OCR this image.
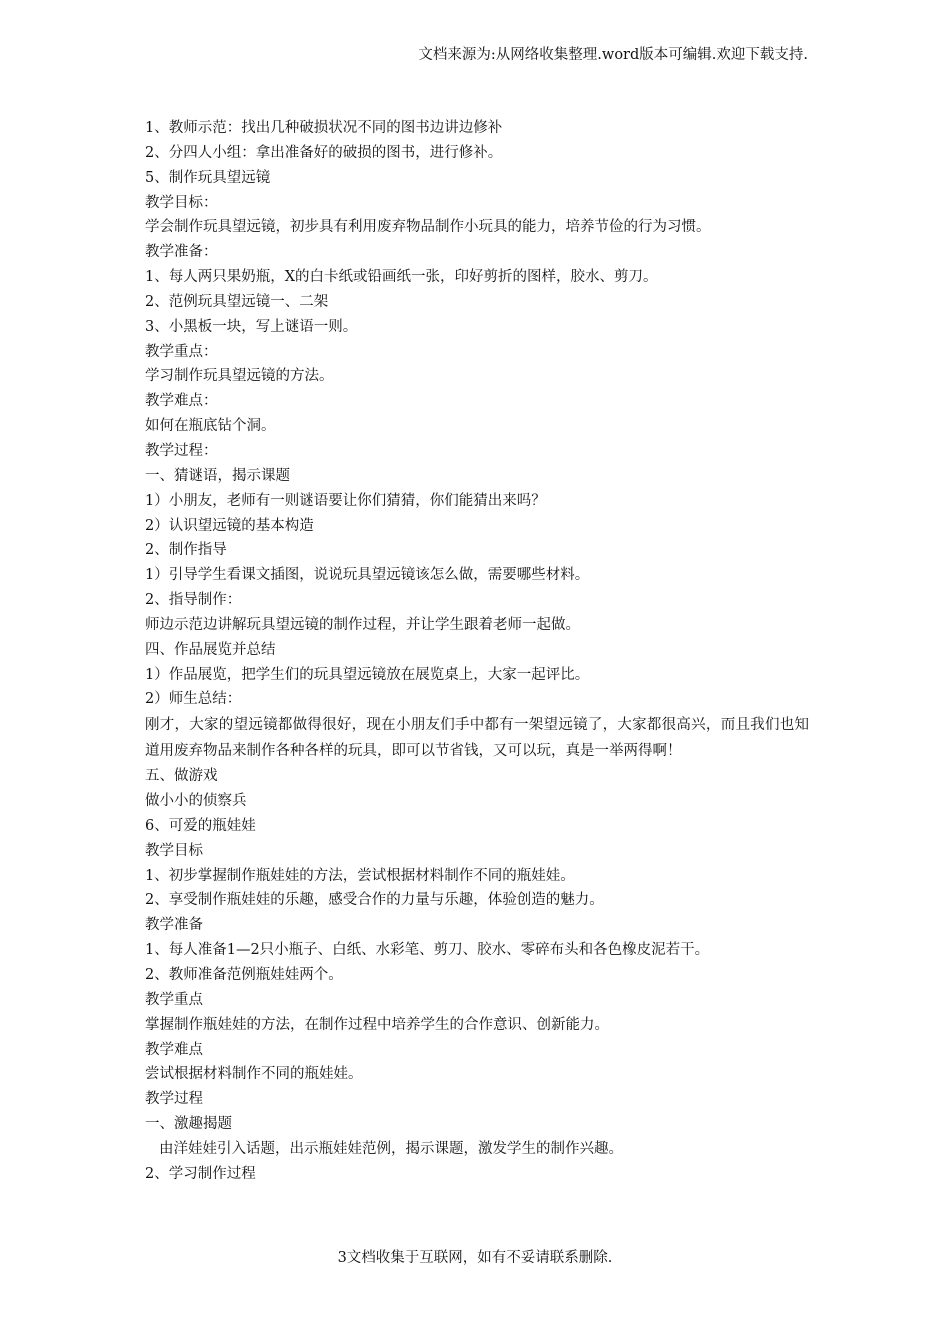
文档来源为:从网络收集整理.word版本可编辑.欢迎下载支持.
1、教师示范：找出几种破损状况不同的图书边讲边修补
2、分四人小组：拿出准备好的破损的图书，进行修补。
5、制作玩具望远镜
教学目标：
学会制作玩具望远镜，初步具有利用废弃物品制作小玩具的能力，培养节俭的行为习惯。
教学准备：
1、每人两只果奶瓶，X的白卡纸或铅画纸一张，印好剪折的图样，胶水、剪刀。
2、范例玩具望远镜一、二架
3、小黑板一块，写上谜语一则。
教学重点：
学习制作玩具望远镜的方法。
教学难点：
如何在瓶底钻个洞。
教学过程：
一、猜谜语，揭示课题
1）小朋友，老师有一则谜语要让你们猜猜，你们能猜出来吗？
2）认识望远镜的基本构造
2、制作指导
1）引导学生看课文插图，说说玩具望远镜该怎么做，需要哪些材料。
2、指导制作：
师边示范边讲解玩具望远镜的制作过程，并让学生跟着老师一起做。
四、作品展览并总结
1）作品展览，把学生们的玩具望远镜放在展览桌上，大家一起评比。
2）师生总结：
刚才，大家的望远镜都做得很好，现在小朋友们手中都有一架望远镜了，大家都很高兴，而且我们也知道用废弃物品来制作各种各样的玩具，即可以节省钱，又可以玩，真是一举两得啊！
五、做游戏
做小小的侦察兵
6、可爱的瓶娃娃
教学目标
1、初步掌握制作瓶娃娃的方法，尝试根据材料制作不同的瓶娃娃。
2、享受制作瓶娃娃的乐趣，感受合作的力量与乐趣，体验创造的魅力。
教学准备
1、每人准备1—2只小瓶子、白纸、水彩笔、剪刀、胶水、零碎布头和各色橡皮泥若干。
2、教师准备范例瓶娃娃两个。
教学重点
掌握制作瓶娃娃的方法，在制作过程中培养学生的合作意识、创新能力。
教学难点
尝试根据材料制作不同的瓶娃娃。
教学过程
一、激趣揭题
由洋娃娃引入话题，出示瓶娃娃范例，揭示课题，激发学生的制作兴趣。
2、学习制作过程
3文档收集于互联网，如有不妥请联系删除.
